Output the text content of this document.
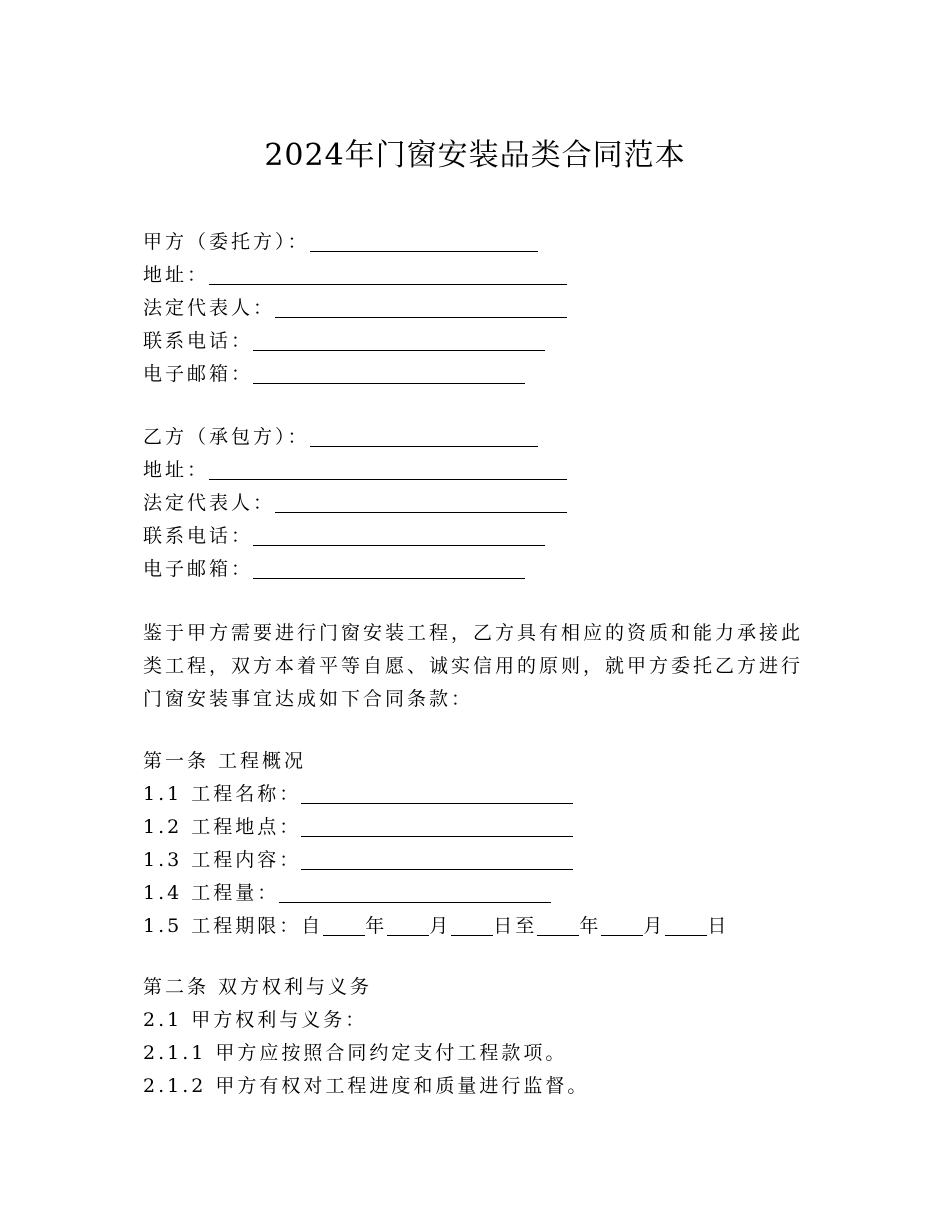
2024年门窗安装品类合同范本
甲方（委托方）：
地址：
法定代表人：
联系电话：
电子邮箱：
乙方（承包方）：
地址：
法定代表人：
联系电话：
电子邮箱：
鉴于甲方需要进行门窗安装工程，乙方具有相应的资质和能力承接此类工程，双方本着平等自愿、诚实信用的原则，就甲方委托乙方进行门窗安装事宜达成如下合同条款：
第一条 工程概况
1.1 工程名称：
1.2 工程地点：
1.3 工程内容：
1.4 工程量：
1.5 工程期限：自 年 月 日至 年 月 日
第二条 双方权利与义务
2.1 甲方权利与义务：
2.1.1 甲方应按照合同约定支付工程款项。
2.1.2 甲方有权对工程进度和质量进行监督。
